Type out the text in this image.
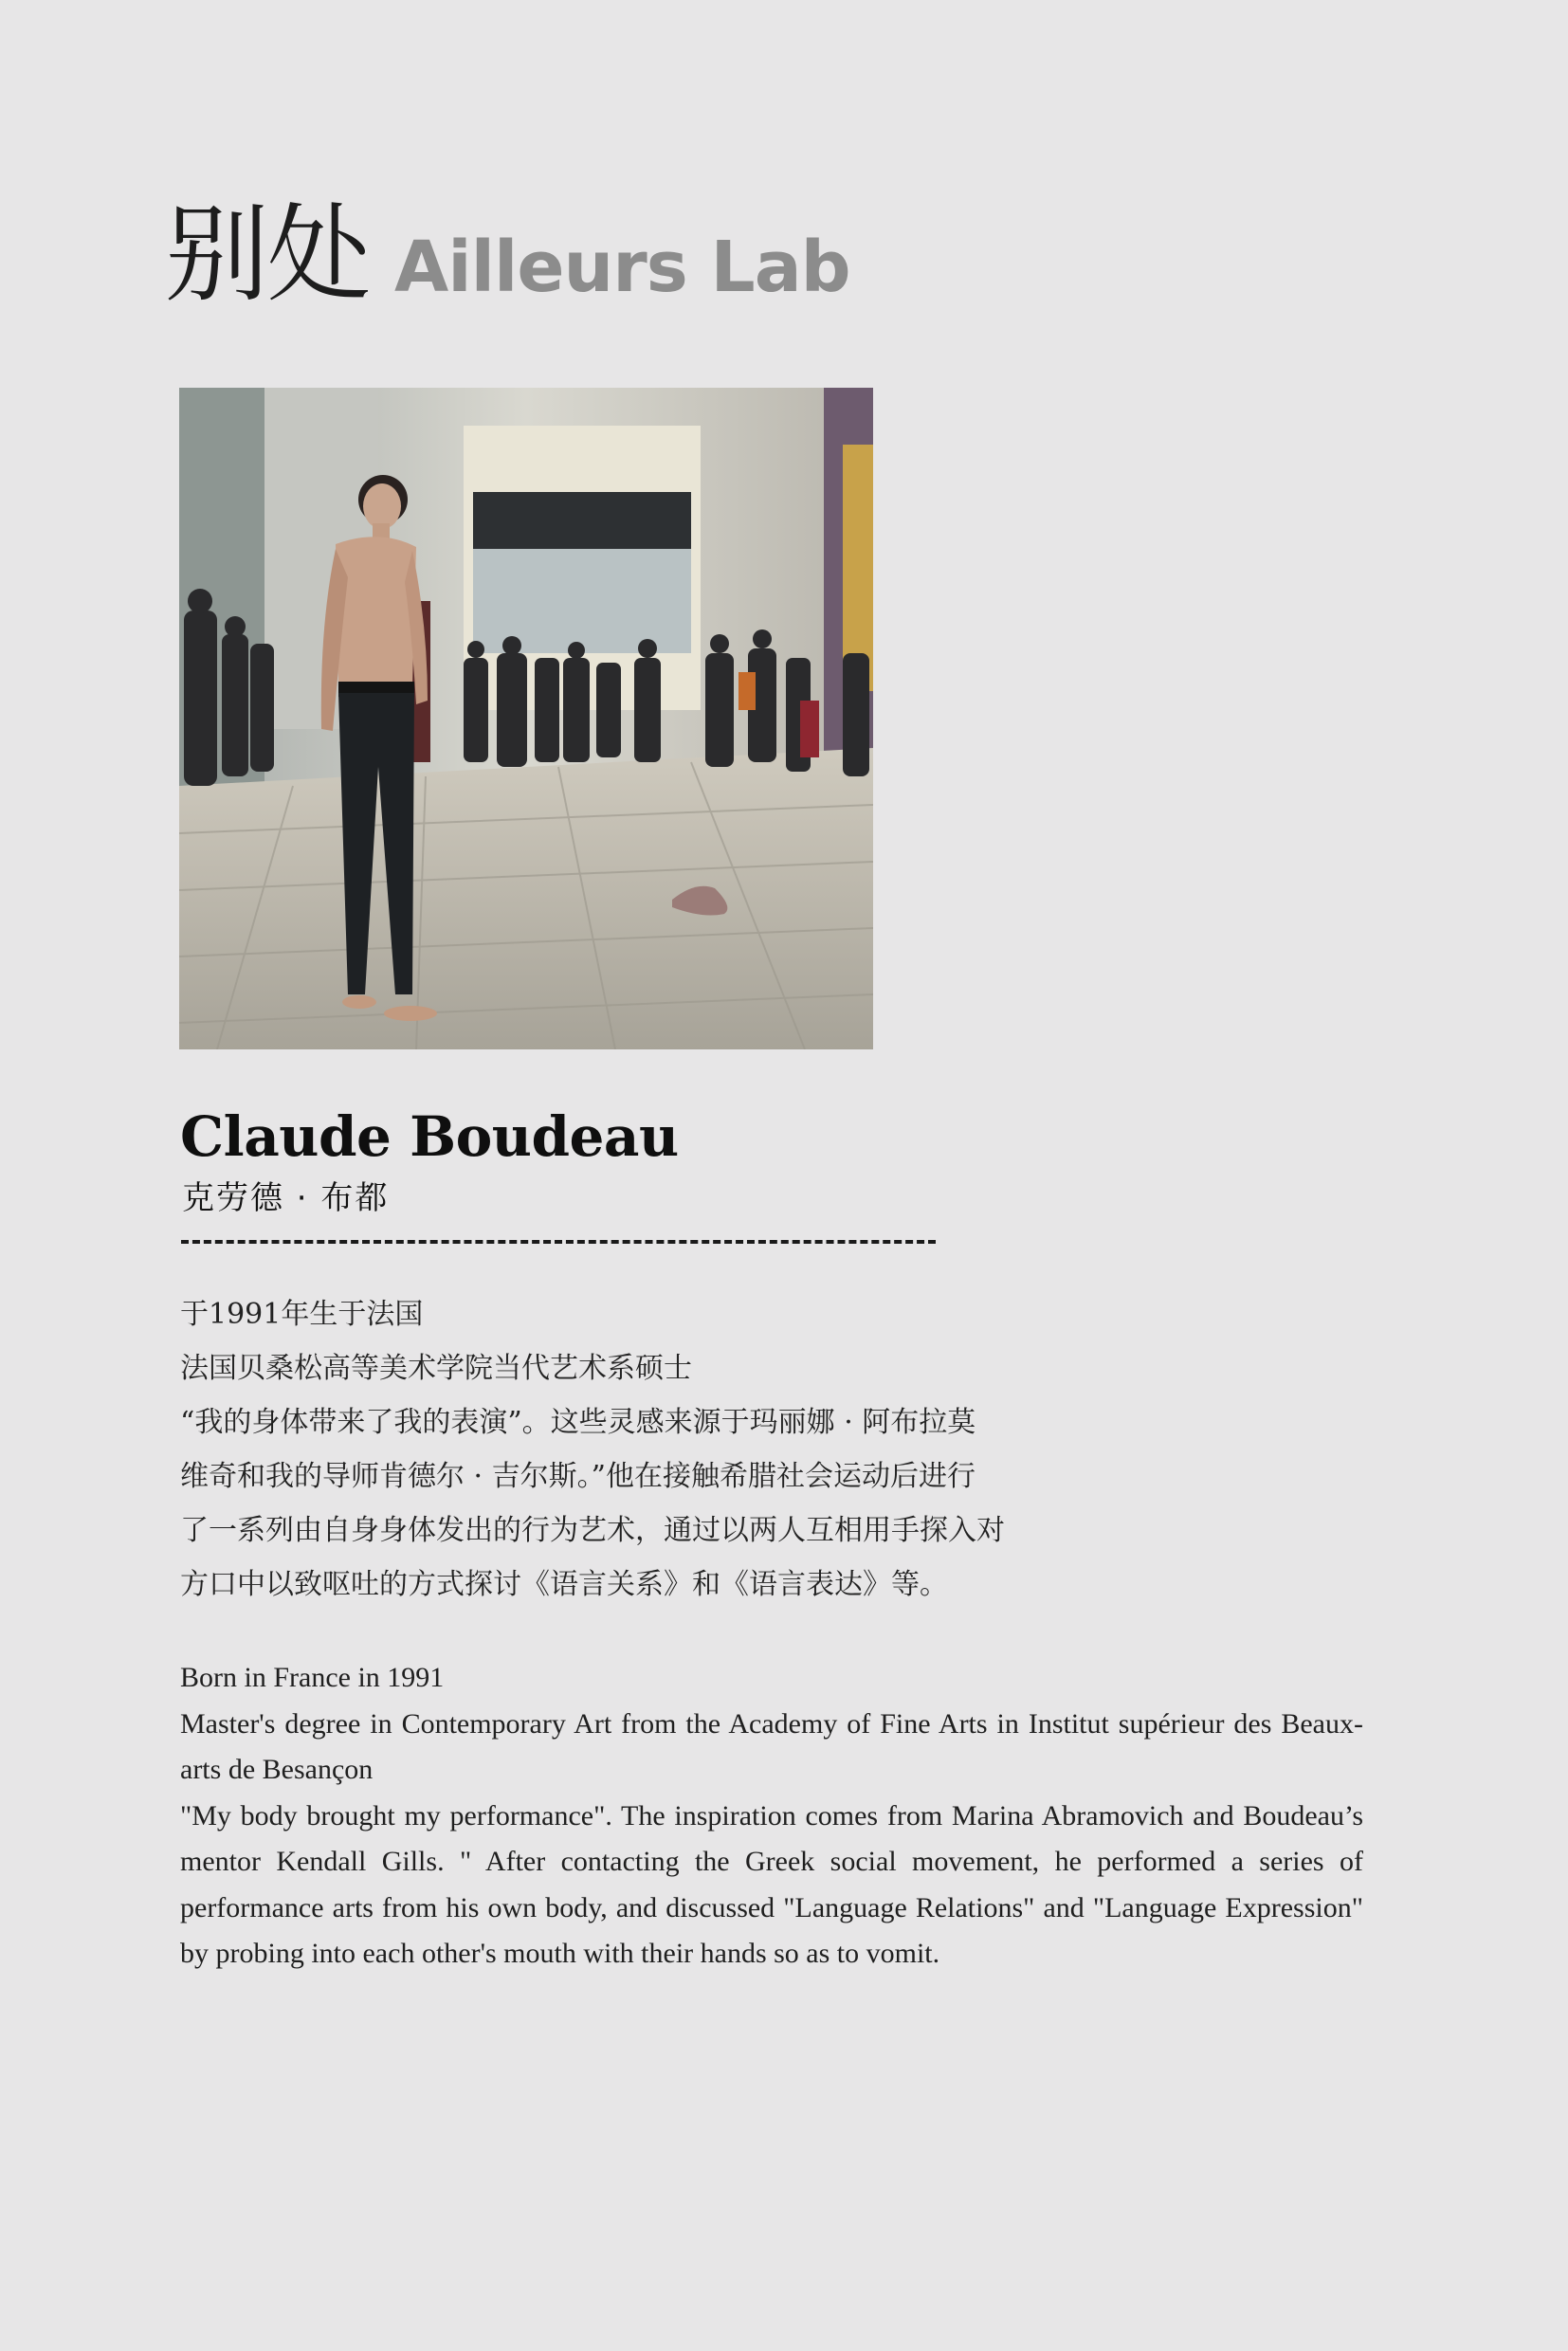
别处 Ailleurs Lab
Claude Boudeau
克劳德 · 布都

于1991年生于法国

法国贝桑松高等美术学院当代艺术系硕士

“我的身体带来了我的表演”。这些灵感来源于玛丽娜 · 阿布拉莫

维奇和我的导师肯德尔 · 吉尔斯。”他在接触希腊社会运动后进行

了一系列由自身身体发出的行为艺术，通过以两人互相用手探入对

方口中以致呕吐的方式探讨《语言关系》和《语言表达》等。

Born in France in 1991

Master's degree in Contemporary Art from the Academy of Fine Arts in Institut supérieur des Beaux-arts de Besançon

"My body brought my performance". The inspiration comes from Marina Abramovich and Boudeau’s mentor Kendall Gills. " After contacting the Greek social movement, he performed a series of performance arts from his own body, and discussed "Language Relations" and "Language Expression" by probing into each other's mouth with their hands so as to vomit.
